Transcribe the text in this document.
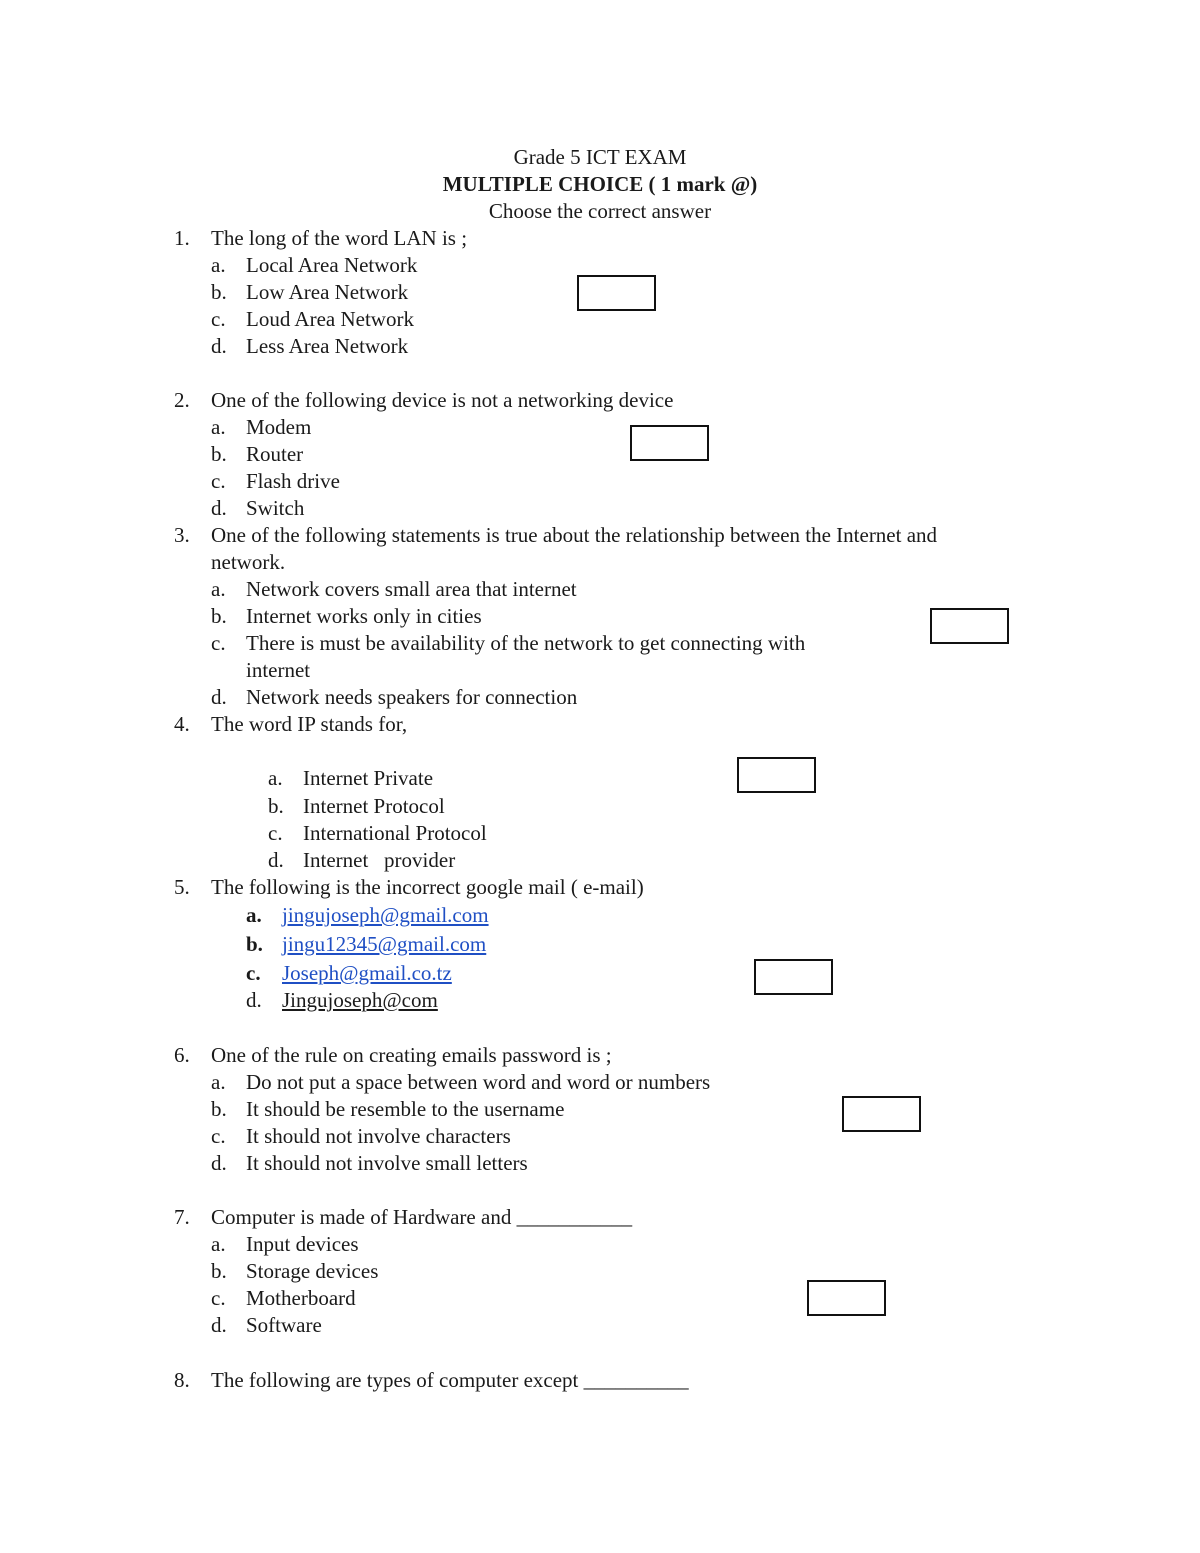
Grade 5 ICT EXAM
MULTIPLE CHOICE ( 1 mark @)
Choose the correct answer
1. The long of the word LAN is ;
a. Local Area Network
b. Low Area Network
c. Loud Area Network
d. Less Area Network
2. One of the following device is not a networking device
a. Modem
b. Router
c. Flash drive
d. Switch
3. One of the following statements is true about the relationship between the Internet and
network.
a. Network covers small area that internet
b. Internet works only in cities
c. There is must be availability of the network to get connecting with
internet
d. Network needs speakers for connection
4. The word IP stands for,
a. Internet Private
b. Internet Protocol
c. International Protocol
d. Internet   provider
5. The following is the incorrect google mail ( e-mail)
a. jingujoseph@gmail.com
b. jingu12345@gmail.com
c. Joseph@gmail.co.tz
d. Jingujoseph@com
6. One of the rule on creating emails password is ;
a. Do not put a space between word and word or numbers
b. It should be resemble to the username
c. It should not involve characters
d. It should not involve small letters
7. Computer is made of Hardware and ___________
a. Input devices
b. Storage devices
c. Motherboard
d. Software
8. The following are types of computer except __________
